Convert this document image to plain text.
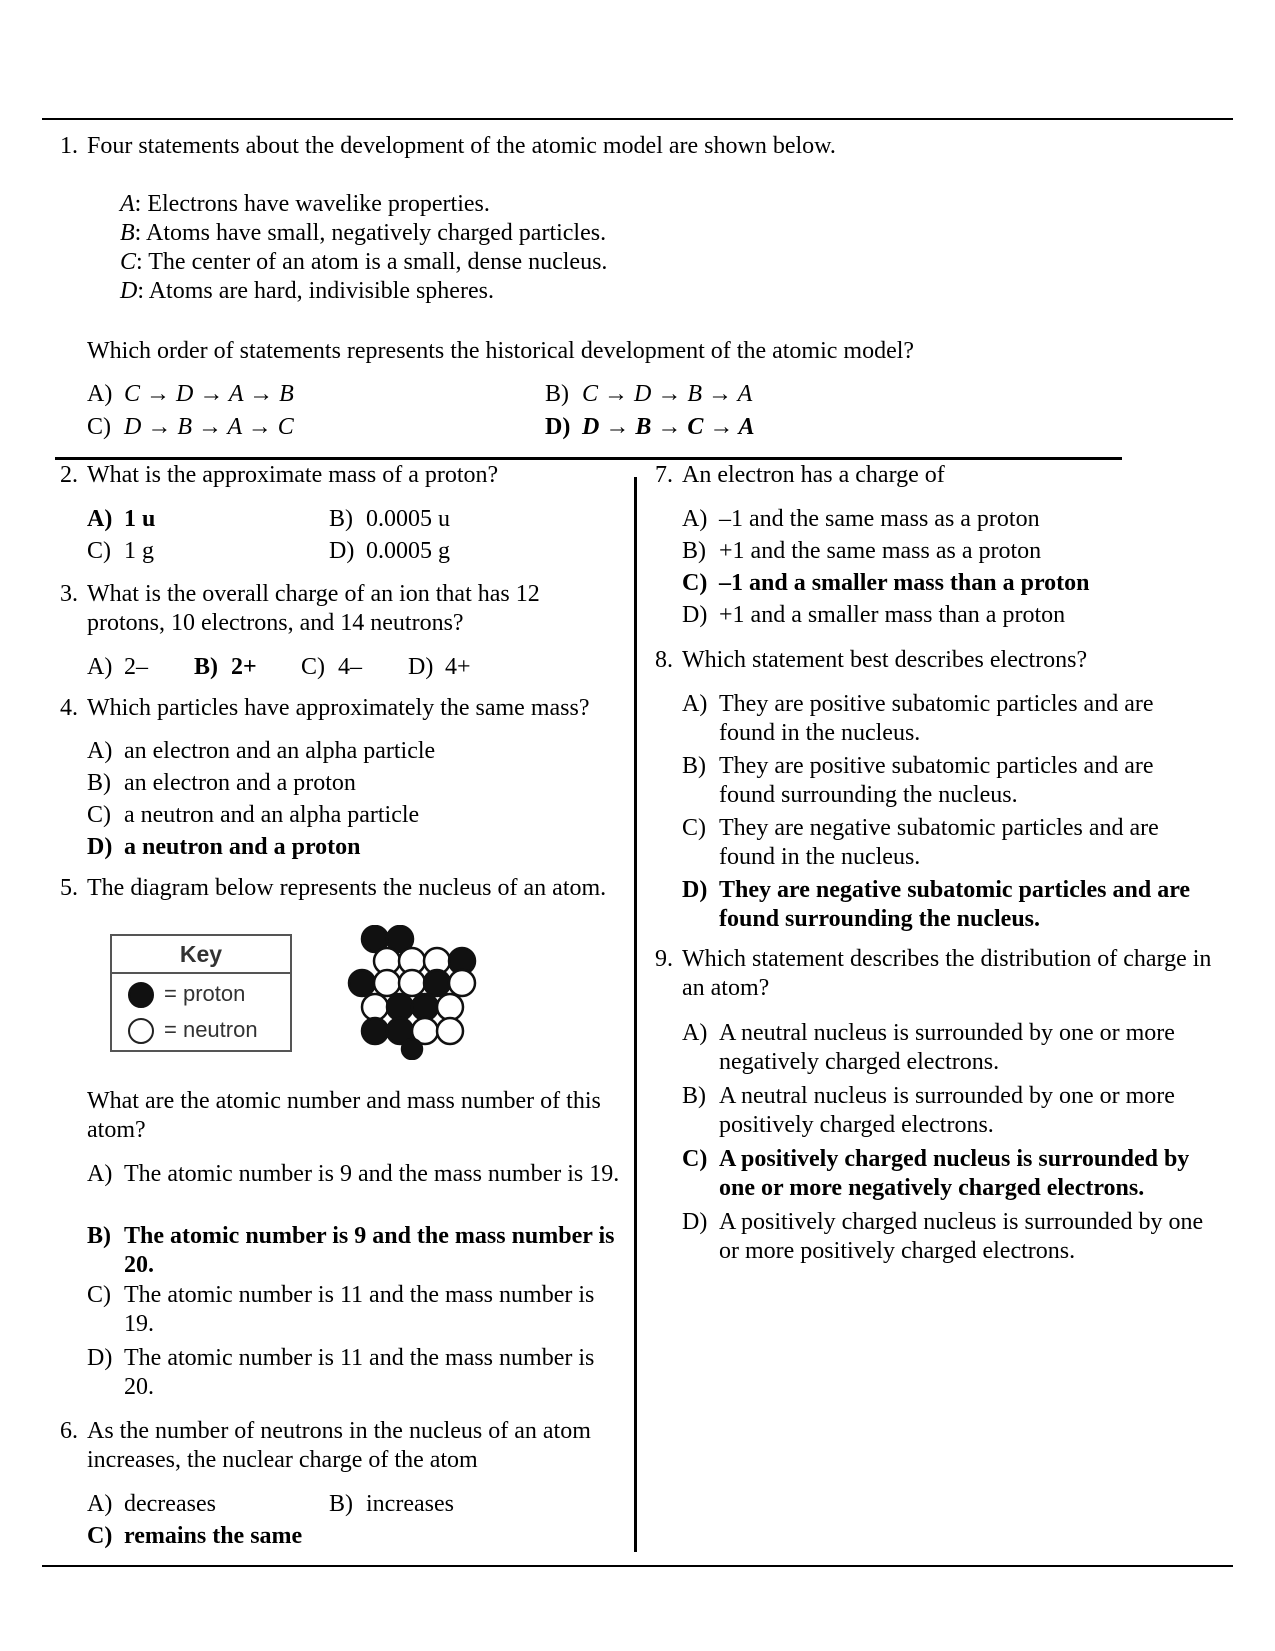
1. Four statements about the development of the atomic model are shown below.
A: Electrons have wavelike properties.
B: Atoms have small, negatively charged particles.
C: The center of an atom is a small, dense nucleus.
D: Atoms are hard, indivisible spheres.
Which order of statements represents the historical development of the atomic model?
A) C → D → A → B	B) C → D → B → A
C) D → B → A → C	D) D → B → C → A
2. What is the approximate mass of a proton?
A) 1 u	B) 0.0005 u
C) 1 g	D) 0.0005 g
3. What is the overall charge of an ion that has 12 protons, 10 electrons, and 14 neutrons?
A) 2– B) 2+ C) 4– D) 4+
4. Which particles have approximately the same mass?
A) an electron and an alpha particle
B) an electron and a proton
C) a neutron and an alpha particle
D) a neutron and a proton
5. The diagram below represents the nucleus of an atom.
Key
= proton
= neutron
What are the atomic number and mass number of this atom?
A) The atomic number is 9 and the mass number is 19.
B) The atomic number is 9 and the mass number is 20.
C) The atomic number is 11 and the mass number is 19.
D) The atomic number is 11 and the mass number is 20.
6. As the number of neutrons in the nucleus of an atom increases, the nuclear charge of the atom
A) decreases	B) increases
C) remains the same
7. An electron has a charge of
A) –1 and the same mass as a proton
B) +1 and the same mass as a proton
C) –1 and a smaller mass than a proton
D) +1 and a smaller mass than a proton
8. Which statement best describes electrons?
A) They are positive subatomic particles and are found in the nucleus.
B) They are positive subatomic particles and are found surrounding the nucleus.
C) They are negative subatomic particles and are found in the nucleus.
D) They are negative subatomic particles and are found surrounding the nucleus.
9. Which statement describes the distribution of charge in an atom?
A) A neutral nucleus is surrounded by one or more negatively charged electrons.
B) A neutral nucleus is surrounded by one or more positively charged electrons.
C) A positively charged nucleus is surrounded by one or more negatively charged electrons.
D) A positively charged nucleus is surrounded by one or more positively charged electrons.
